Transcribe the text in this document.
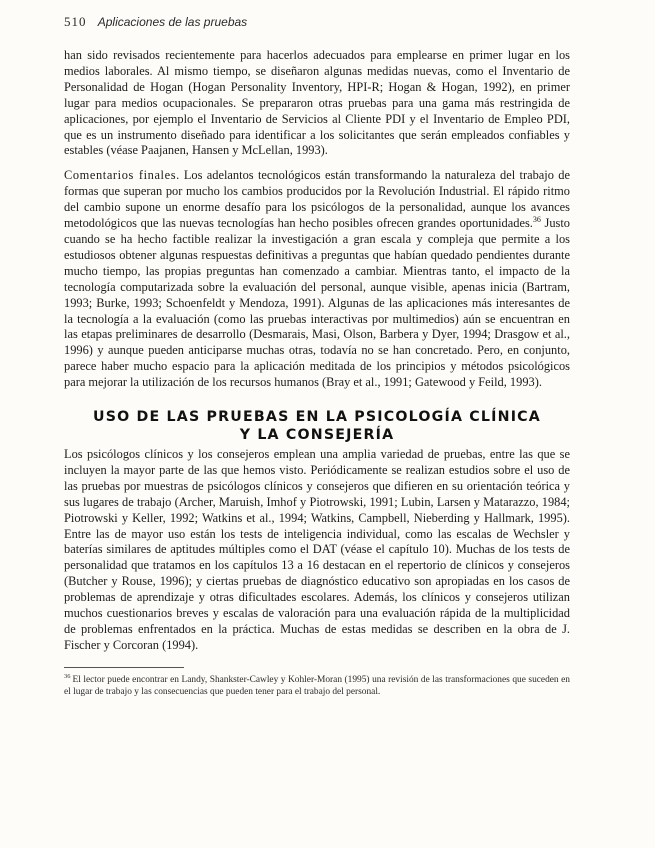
510 Aplicaciones de las pruebas

han sido revisados recientemente para hacerlos adecuados para emplearse en primer lugar en los medios laborales. Al mismo tiempo, se diseñaron algunas medidas nuevas, como el Inventario de Personalidad de Hogan (Hogan Personality Inventory, HPI-R; Hogan & Hogan, 1992), en primer lugar para medios ocupacionales. Se prepararon otras pruebas para una gama más restringida de aplicaciones, por ejemplo el Inventario de Servicios al Cliente PDI y el Inventario de Empleo PDI, que es un instrumento diseñado para identificar a los solicitantes que serán empleados confiables y estables (véase Paajanen, Hansen y McLellan, 1993).

Comentarios finales. Los adelantos tecnológicos están transformando la naturaleza del trabajo de formas que superan por mucho los cambios producidos por la Revolución Industrial. El rápido ritmo del cambio supone un enorme desafío para los psicólogos de la personalidad, aunque los avances metodológicos que las nuevas tecnologías han hecho posibles ofrecen grandes oportunidades.$^{36}$ Justo cuando se ha hecho factible realizar la investigación a gran escala y compleja que permite a los estudiosos obtener algunas respuestas definitivas a preguntas que habían quedado pendientes durante mucho tiempo, las propias preguntas han comenzado a cambiar. Mientras tanto, el impacto de la tecnología computarizada sobre la evaluación del personal, aunque visible, apenas inicia (Bartram, 1993; Burke, 1993; Schoenfeldt y Mendoza, 1991). Algunas de las aplicaciones más interesantes de la tecnología a la evaluación (como las pruebas interactivas por multimedios) aún se encuentran en las etapas preliminares de desarrollo (Desmarais, Masi, Olson, Barbera y Dyer, 1994; Drasgow et al., 1996) y aunque pueden anticiparse muchas otras, todavía no se han concretado. Pero, en conjunto, parece haber mucho espacio para la aplicación meditada de los principios y métodos psicológicos para mejorar la utilización de los recursos humanos (Bray et al., 1991; Gatewood y Feild, 1993).

USO DE LAS PRUEBAS EN LA PSICOLOGÍA CLÍNICA
Y LA CONSEJERÍA

Los psicólogos clínicos y los consejeros emplean una amplia variedad de pruebas, entre las que se incluyen la mayor parte de las que hemos visto. Periódicamente se realizan estudios sobre el uso de las pruebas por muestras de psicólogos clínicos y consejeros que difieren en su orientación teórica y sus lugares de trabajo (Archer, Maruish, Imhof y Piotrowski, 1991; Lubin, Larsen y Matarazzo, 1984; Piotrowski y Keller, 1992; Watkins et al., 1994; Watkins, Campbell, Nieberding y Hallmark, 1995). Entre las de mayor uso están los tests de inteligencia individual, como las escalas de Wechsler y baterías similares de aptitudes múltiples como el DAT (véase el capítulo 10). Muchas de los tests de personalidad que tratamos en los capítulos 13 a 16 destacan en el repertorio de clínicos y consejeros (Butcher y Rouse, 1996); y ciertas pruebas de diagnóstico educativo son apropiadas en los casos de problemas de aprendizaje y otras dificultades escolares. Además, los clínicos y consejeros utilizan muchos cuestionarios breves y escalas de valoración para una evaluación rápida de la multiplicidad de problemas enfrentados en la práctica. Muchas de estas medidas se describen en la obra de J. Fischer y Corcoran (1994).

$^{36}$ El lector puede encontrar en Landy, Shankster-Cawley y Kohler-Moran (1995) una revisión de las transformaciones que suceden en el lugar de trabajo y las consecuencias que pueden tener para el trabajo del personal.
